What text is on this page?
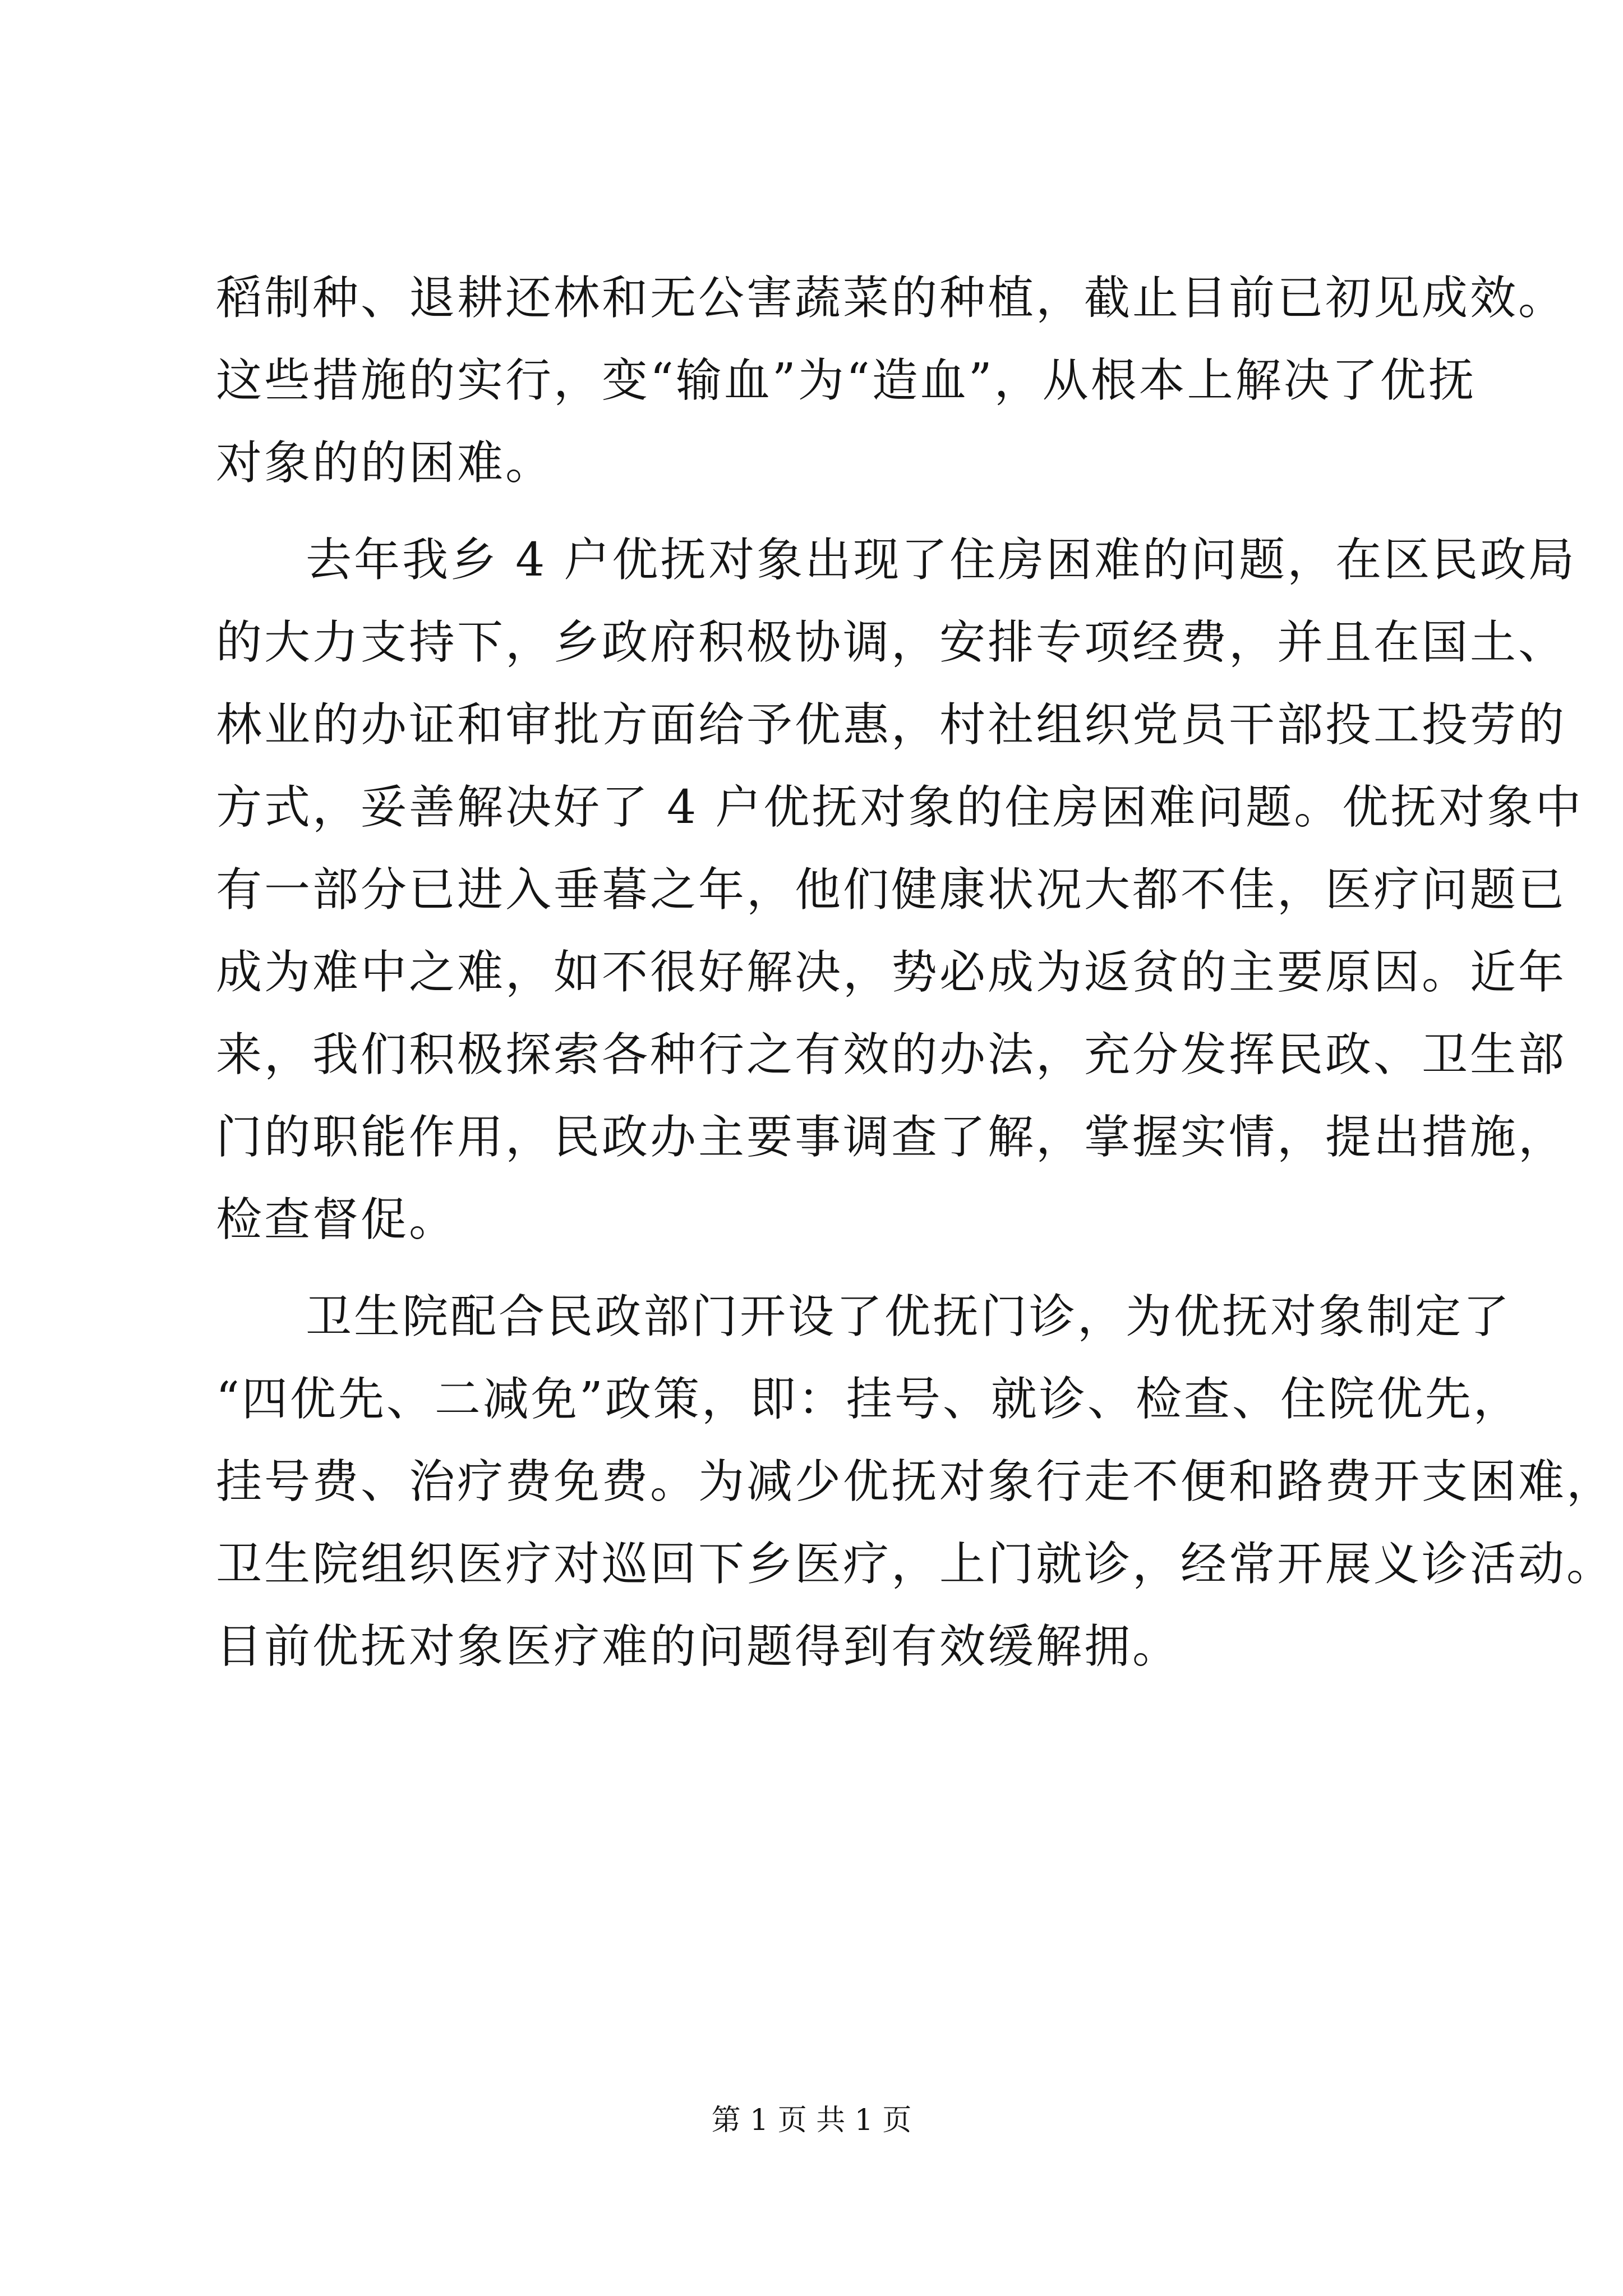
稻制种、退耕还林和无公害蔬菜的种植，截止目前已初见成效。
这些措施的实行，变“输血”为“造血”，从根本上解决了优抚
对象的的困难。
去年我乡 4 户优抚对象出现了住房困难的问题，在区民政局
的大力支持下，乡政府积极协调，安排专项经费，并且在国土、
林业的办证和审批方面给予优惠，村社组织党员干部投工投劳的
方式，妥善解决好了 4 户优抚对象的住房困难问题。优抚对象中
有一部分已进入垂暮之年，他们健康状况大都不佳，医疗问题已
成为难中之难，如不很好解决，势必成为返贫的主要原因。近年
来，我们积极探索各种行之有效的办法，充分发挥民政、卫生部
门的职能作用，民政办主要事调查了解，掌握实情，提出措施，
检查督促。
卫生院配合民政部门开设了优抚门诊，为优抚对象制定了
“四优先、二减免”政策，即：挂号、就诊、检查、住院优先，
挂号费、治疗费免费。为减少优抚对象行走不便和路费开支困难，
卫生院组织医疗对巡回下乡医疗，上门就诊，经常开展义诊活动。
目前优抚对象医疗难的问题得到有效缓解拥。
第 1 页 共 1 页
